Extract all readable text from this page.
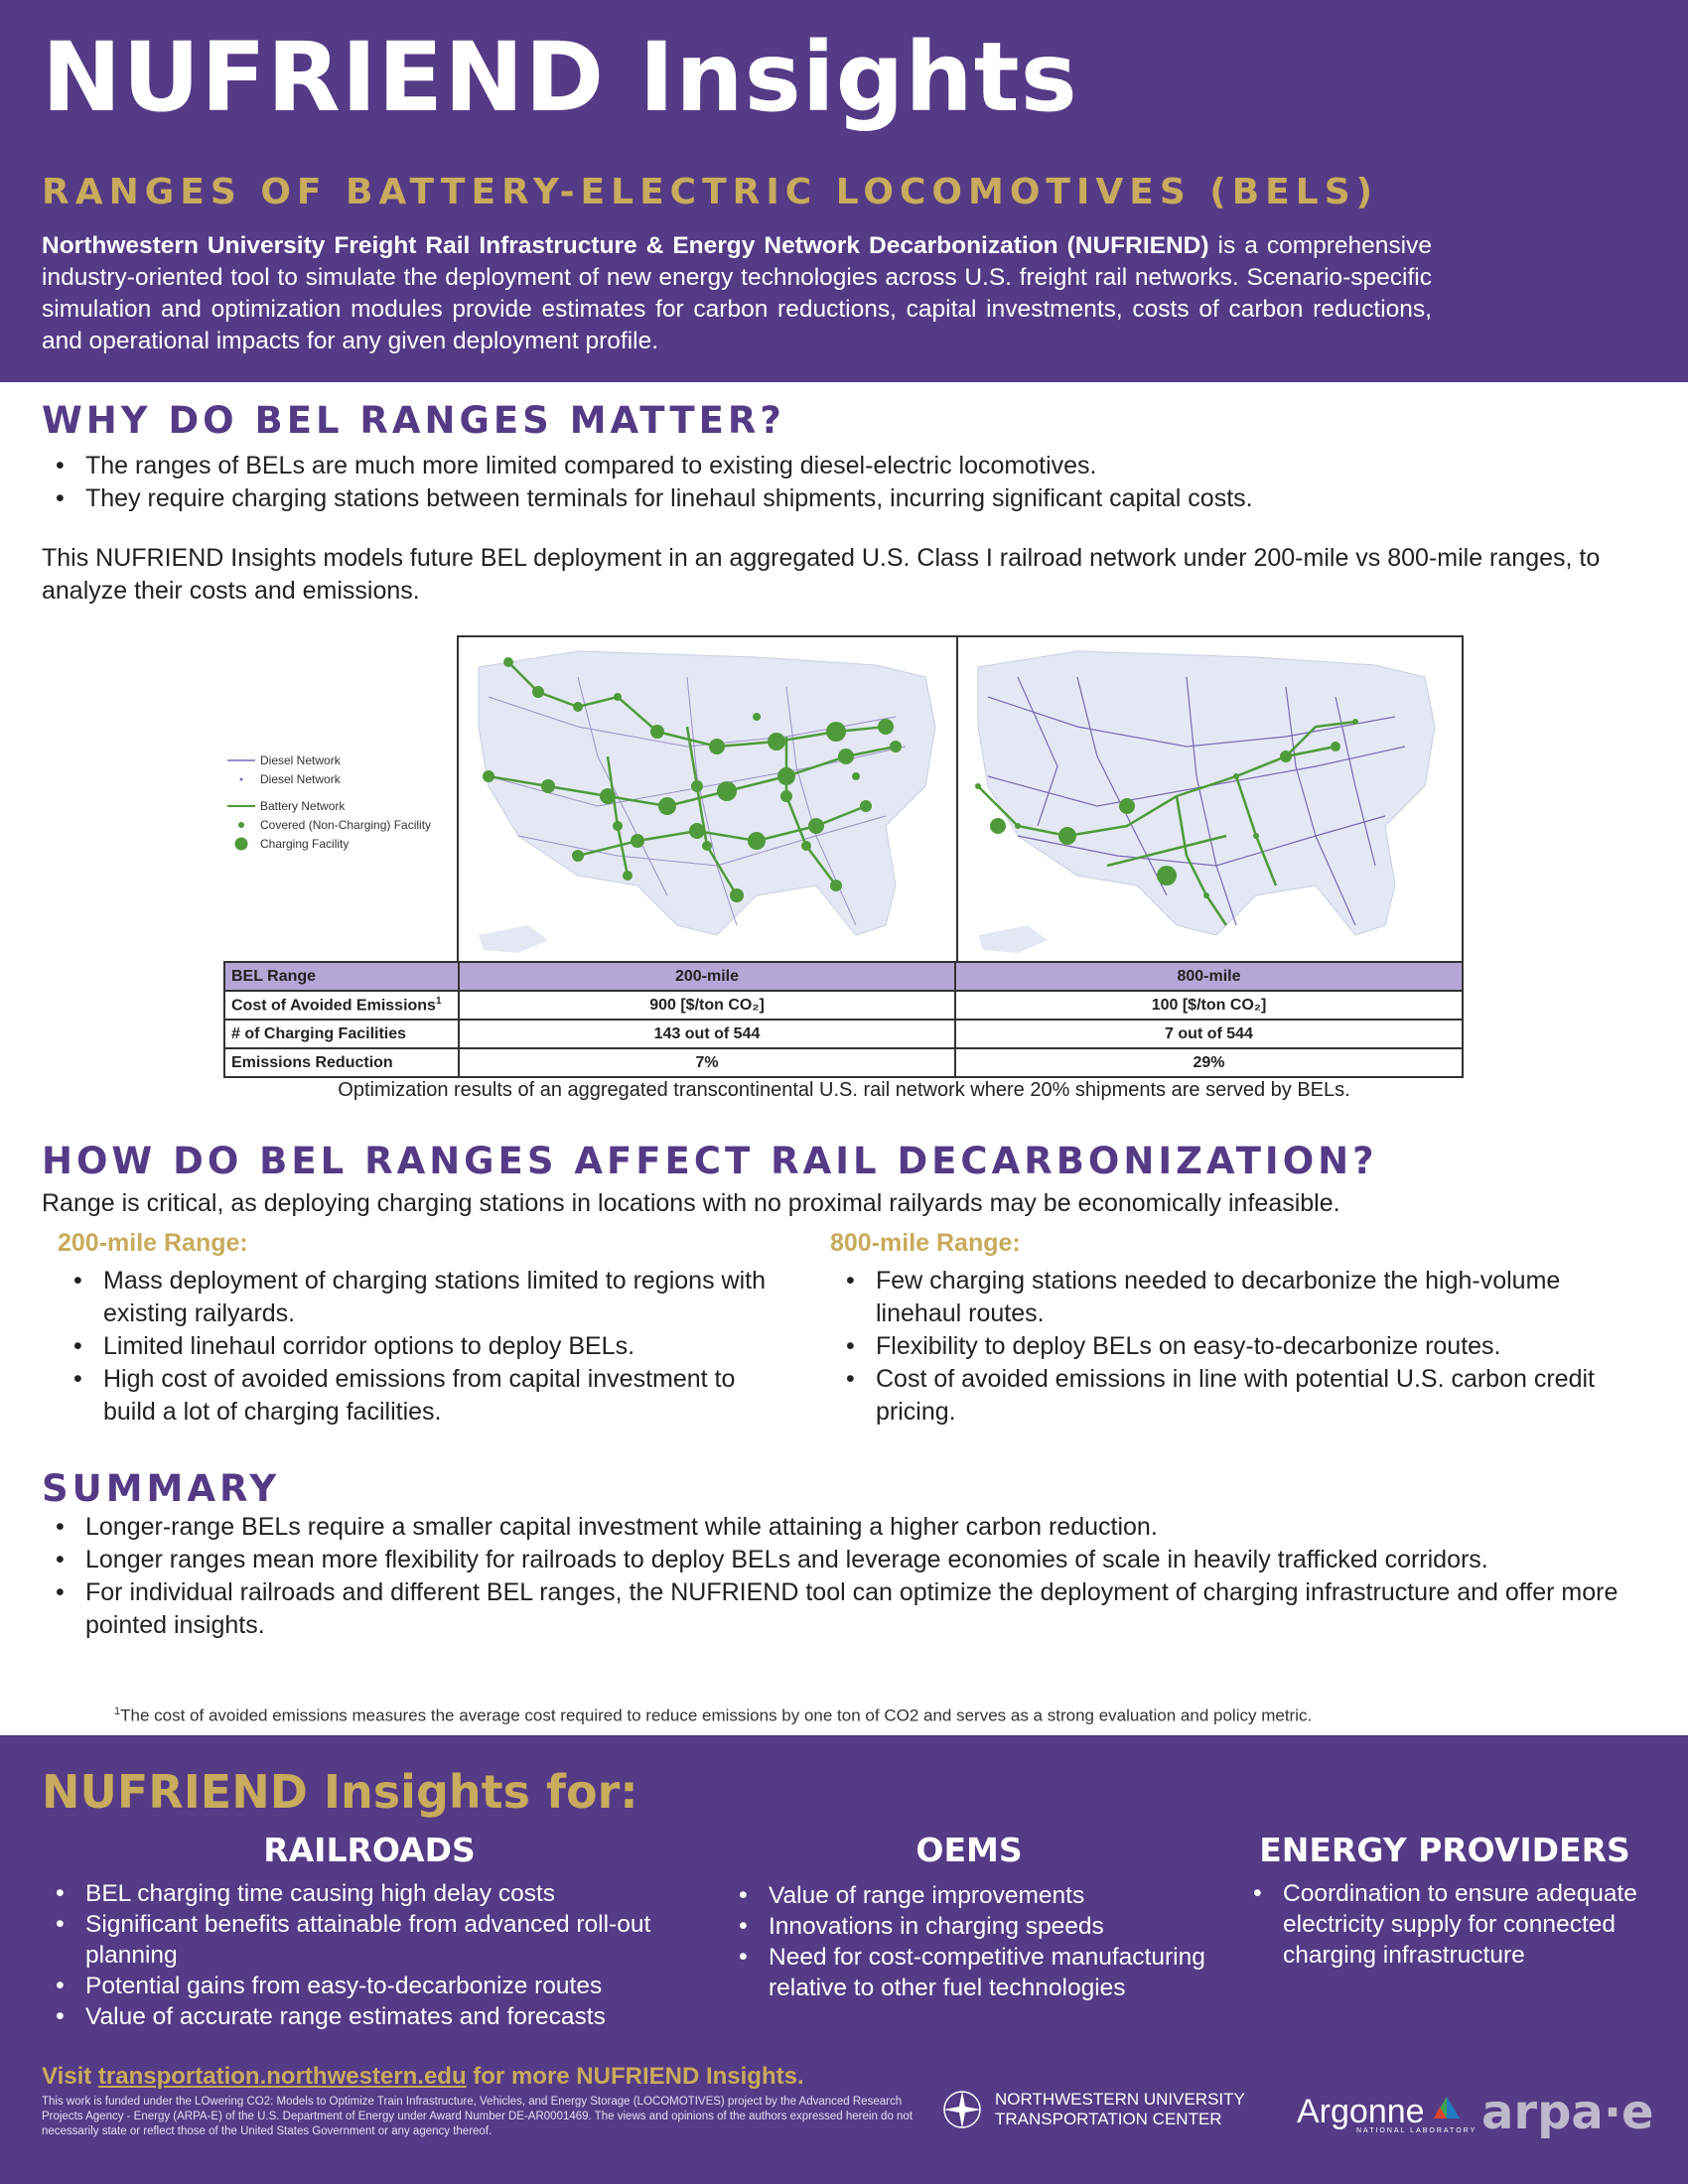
NUFRIEND Insights
RANGES OF BATTERY-ELECTRIC LOCOMOTIVES (BELS)
Northwestern University Freight Rail Infrastructure & Energy Network Decarbonization (NUFRIEND) is a comprehensive industry-oriented tool to simulate the deployment of new energy technologies across U.S. freight rail networks. Scenario-specific simulation and optimization modules provide estimates for carbon reductions, capital investments, costs of carbon reductions, and operational impacts for any given deployment profile.
WHY DO BEL RANGES MATTER?
• The ranges of BELs are much more limited compared to existing diesel-electric locomotives.
• They require charging stations between terminals for linehaul shipments, incurring significant capital costs.
This NUFRIEND Insights models future BEL deployment in an aggregated U.S. Class I railroad network under 200-mile vs 800-mile ranges, to analyze their costs and emissions.
Diesel Network
Diesel Network
Battery Network
Covered (Non-Charging) Facility
Charging Facility
BEL Range	200-mile	800-mile
Cost of Avoided Emissions$^1$	900 [$/ton CO₂]	100 [$/ton CO₂]
# of Charging Facilities	143 out of 544	7 out of 544
Emissions Reduction	7%	29%
Optimization results of an aggregated transcontinental U.S. rail network where 20% shipments are served by BELs.
HOW DO BEL RANGES AFFECT RAIL DECARBONIZATION?
Range is critical, as deploying charging stations in locations with no proximal railyards may be economically infeasible.
200-mile Range:
• Mass deployment of charging stations limited to regions with existing railyards.
• Limited linehaul corridor options to deploy BELs.
• High cost of avoided emissions from capital investment to build a lot of charging facilities.
800-mile Range:
• Few charging stations needed to decarbonize the high-volume linehaul routes.
• Flexibility to deploy BELs on easy-to-decarbonize routes.
• Cost of avoided emissions in line with potential U.S. carbon credit pricing.
SUMMARY
• Longer-range BELs require a smaller capital investment while attaining a higher carbon reduction.
• Longer ranges mean more flexibility for railroads to deploy BELs and leverage economies of scale in heavily trafficked corridors.
• For individual railroads and different BEL ranges, the NUFRIEND tool can optimize the deployment of charging infrastructure and offer more pointed insights.
$^1$The cost of avoided emissions measures the average cost required to reduce emissions by one ton of CO2 and serves as a strong evaluation and policy metric.
NUFRIEND Insights for:
RAILROADS
• BEL charging time causing high delay costs
• Significant benefits attainable from advanced roll-out planning
• Potential gains from easy-to-decarbonize routes
• Value of accurate range estimates and forecasts
OEMS
• Value of range improvements
• Innovations in charging speeds
• Need for cost-competitive manufacturing relative to other fuel technologies
ENERGY PROVIDERS
• Coordination to ensure adequate electricity supply for connected charging infrastructure
Visit transportation.northwestern.edu for more NUFRIEND Insights.
This work is funded under the LOwering CO2: Models to Optimize Train Infrastructure, Vehicles, and Energy Storage (LOCOMOTIVES) project by the Advanced Research Projects Agency - Energy (ARPA-E) of the U.S. Department of Energy under Award Number DE-AR0001469. The views and opinions of the authors expressed herein do not necessarily state or reflect those of the United States Government or any agency thereof.
NORTHWESTERN UNIVERSITY
TRANSPORTATION CENTER	Argonne
NATIONAL LABORATORY arpa·e
